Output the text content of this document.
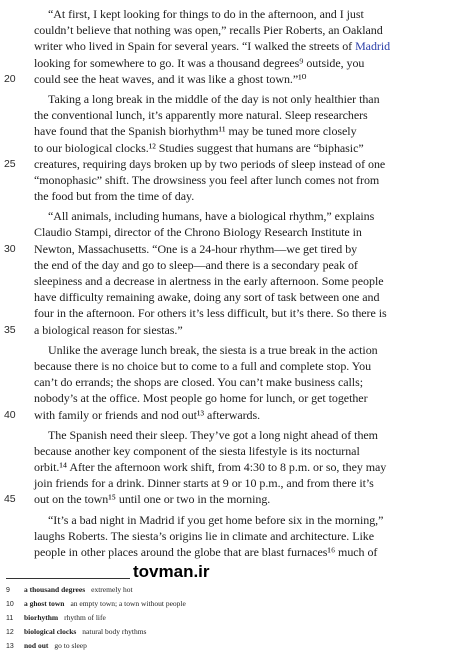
“At first, I kept looking for things to do in the afternoon, and I just
couldn’t believe that nothing was open,” recalls Pier Roberts, an Oakland
writer who lived in Spain for several years. “I walked the streets of Madrid
looking for somewhere to go. It was a thousand degrees⁹ outside, you
20	could see the heat waves, and it was like a ghost town.”¹⁰
Taking a long break in the middle of the day is not only healthier than
the conventional lunch, it’s apparently more natural. Sleep researchers
have found that the Spanish biorhythm¹¹ may be tuned more closely
to our biological clocks.¹² Studies suggest that humans are “biphasic”
25	creatures, requiring days broken up by two periods of sleep instead of one
“monophasic” shift. The drowsiness you feel after lunch comes not from
the food but from the time of day.
“All animals, including humans, have a biological rhythm,” explains
Claudio Stampi, director of the Chrono Biology Research Institute in
30	Newton, Massachusetts. “One is a 24-hour rhythm—we get tired by
the end of the day and go to sleep—and there is a secondary peak of
sleepiness and a decrease in alertness in the early afternoon. Some people
have difficulty remaining awake, doing any sort of task between one and
four in the afternoon. For others it’s less difficult, but it’s there. So there is
35	a biological reason for siestas.”
Unlike the average lunch break, the siesta is a true break in the action
because there is no choice but to come to a full and complete stop. You
can’t do errands; the shops are closed. You can’t make business calls;
nobody’s at the office. Most people go home for lunch, or get together
40	with family or friends and nod out¹³ afterwards.
The Spanish need their sleep. They’ve got a long night ahead of them
because another key component of the siesta lifestyle is its nocturnal
orbit.¹⁴ After the afternoon work shift, from 4:30 to 8 p.m. or so, they may
join friends for a drink. Dinner starts at 9 or 10 p.m., and from there it’s
45	out on the town¹⁵ until one or two in the morning.
“It’s a bad night in Madrid if you get home before six in the morning,”
laughs Roberts. The siesta’s origins lie in climate and architecture. Like
people in other places around the globe that are blast furnaces¹⁶ much of
tovman.ir
9 a thousand degrees extremely hot
10 a ghost town an empty town; a town without people
11 biorhythm rhythm of life
12 biological clocks natural body rhythms
13 nod out go to sleep
